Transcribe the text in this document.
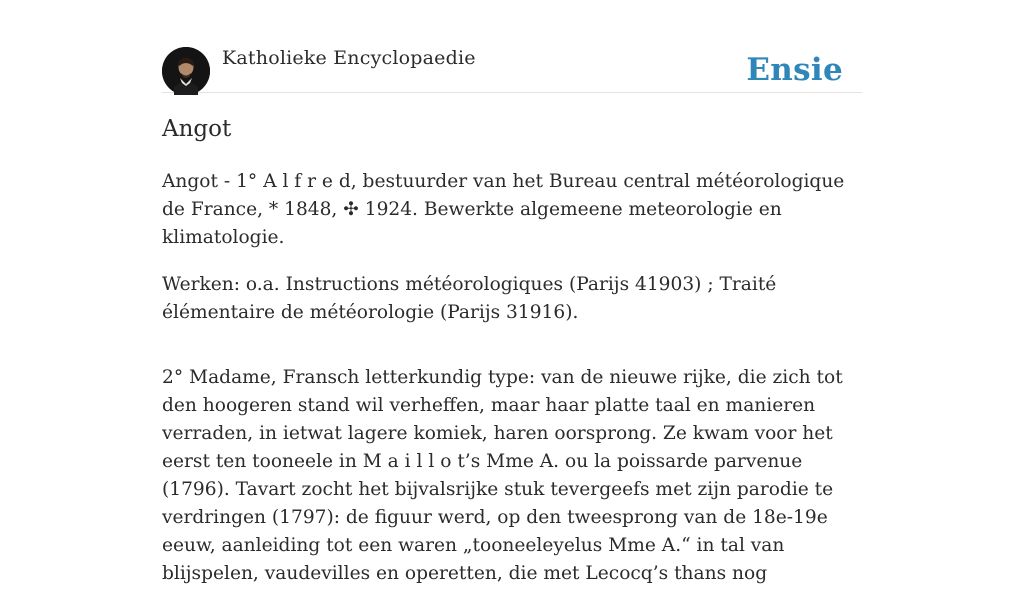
Katholieke Encyclopaedie	Ensie
Angot

Angot - 1° A l f r e d, bestuurder van het Bureau central météorologique de France, * 1848, ✣ 1924. Bewerkte algemeene meteorologie en klimatologie.

Werken: o.a. Instructions météorologiques (Parijs 41903) ; Traité élémentaire de météorologie (Parijs 31916).

2° Madame, Fransch letterkundig type: van de nieuwe rijke, die zich tot den hoogeren stand wil verheffen, maar haar platte taal en manieren verraden, in ietwat lagere komiek, haren oorsprong. Ze kwam voor het eerst ten tooneele in M a i l l o t’s Mme A. ou la poissarde parvenue (1796). Tavart zocht het bijvalsrijke stuk tevergeefs met zijn parodie te verdringen (1797): de figuur werd, op den tweesprong van de 18e-19e eeuw, aanleiding tot een waren „tooneeleyelus Mme A.“ in tal van blijspelen, vaudevilles en operetten, die met Lecocq’s thans nog
